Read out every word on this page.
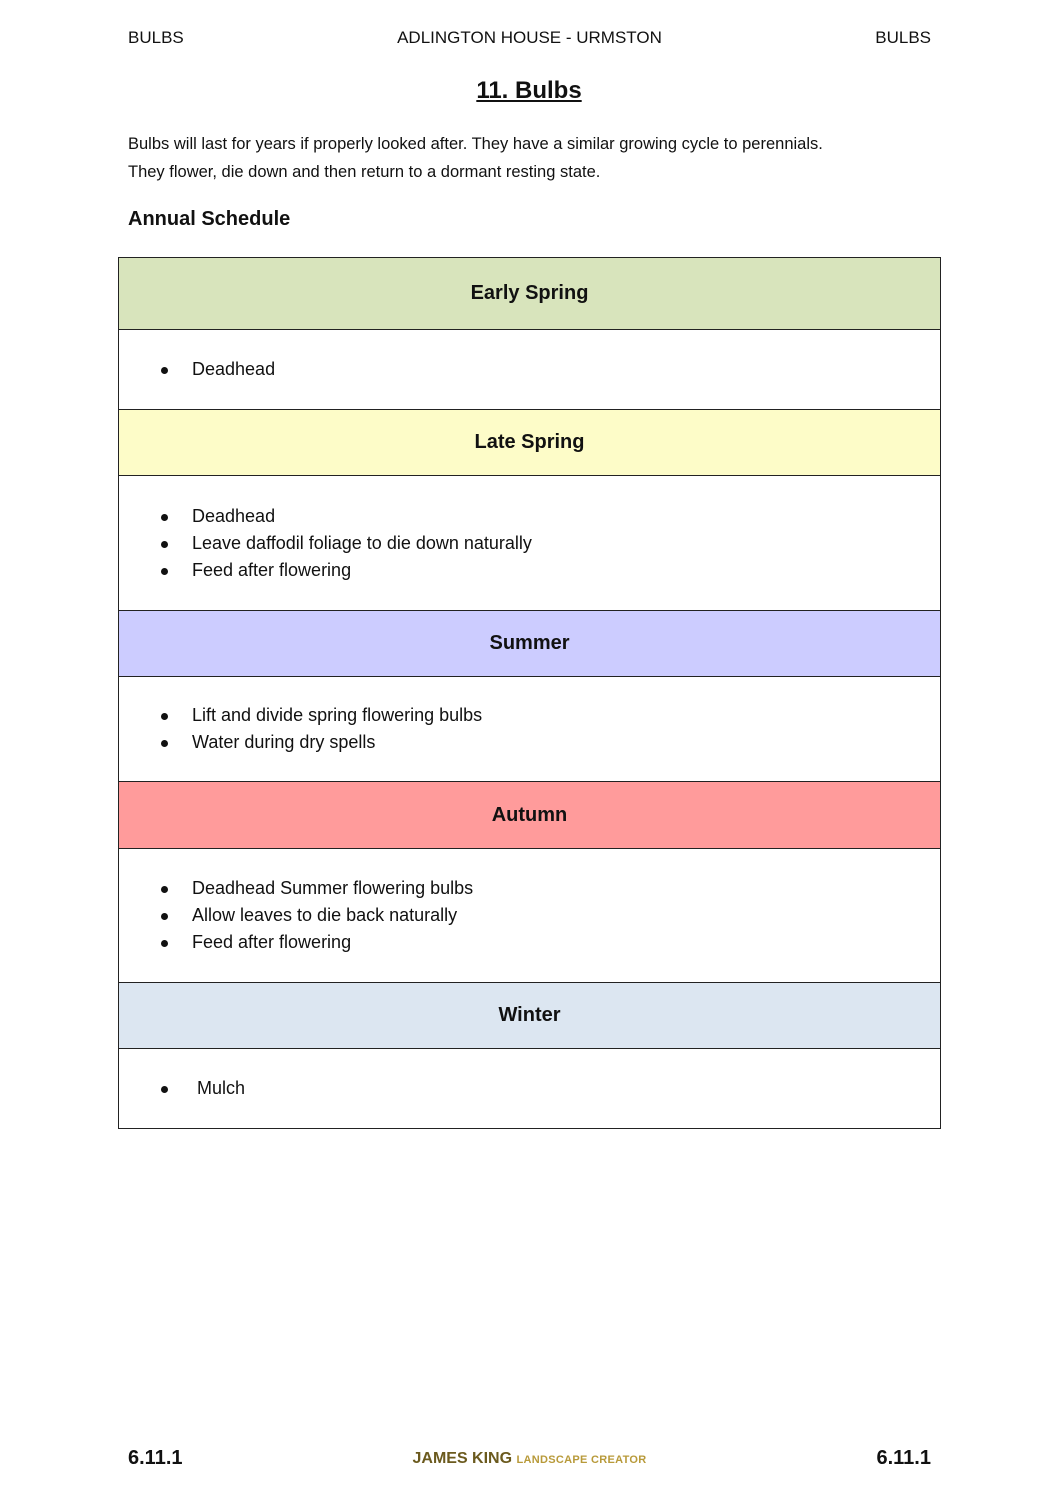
BULBS	ADLINGTON HOUSE - URMSTON	BULBS
11. Bulbs

Bulbs will last for years if properly looked after. They have a similar growing cycle to perennials.

They flower, die down and then return to a dormant resting state.

Annual Schedule
Early Spring
Deadhead
Late Spring
Deadhead
Leave daffodil foliage to die down naturally
Feed after flowering
Summer
Lift and divide spring flowering bulbs
Water during dry spells
Autumn
Deadhead Summer flowering bulbs
Allow leaves to die back naturally
Feed after flowering
Winter
Mulch
6.11.1	JAMES KING LANDSCAPE CREATOR	6.11.1
